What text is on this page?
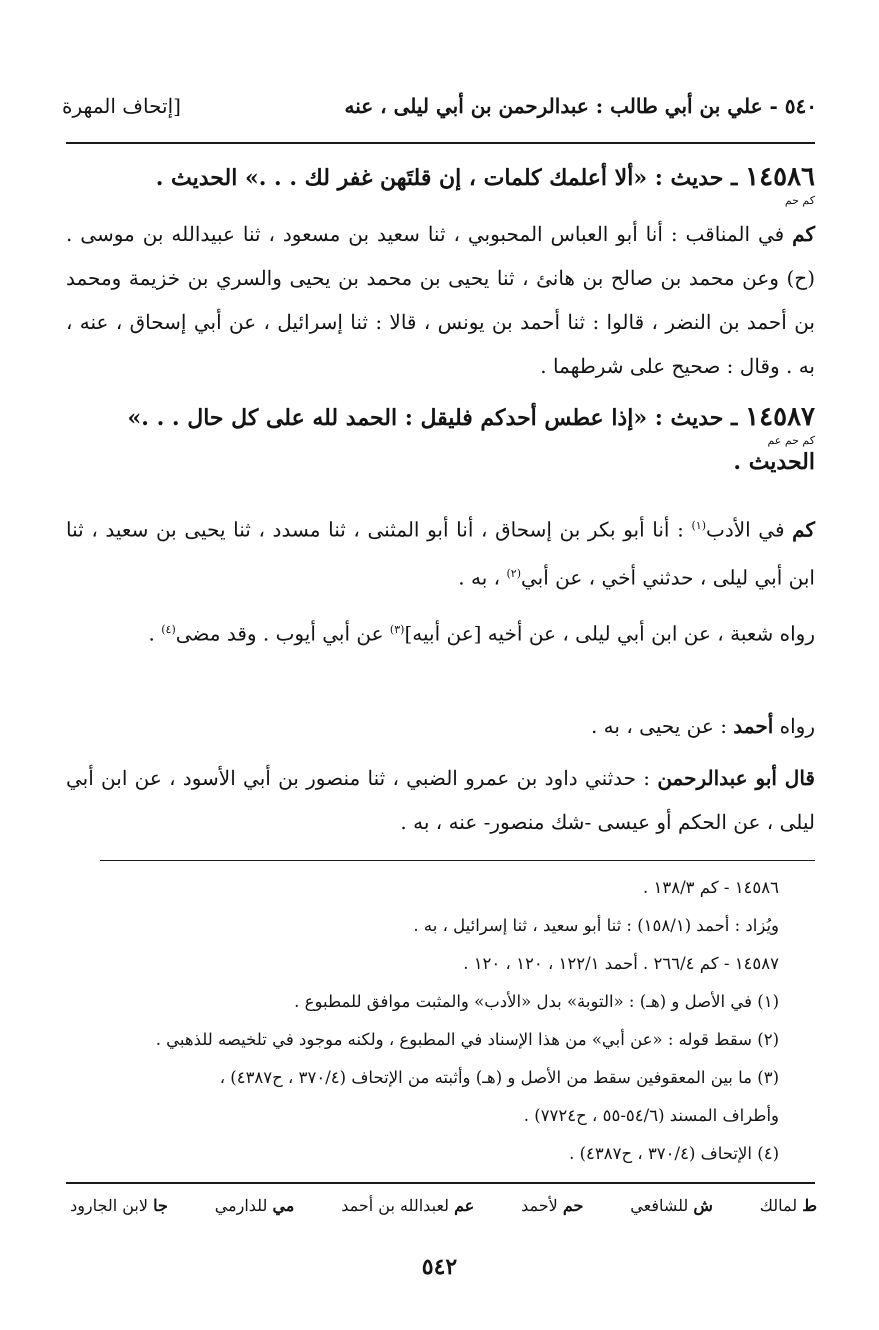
٥٤٠ - علي بن أبي طالب : عبدالرحمن بن أبي ليلى ، عنه
[إتحاف المهرة
١٤٥٨٦ ـ حديث : «ألا أعلمك كلمات ، إن قلتَهن غفر لك . . .» الحديث .
كم حم
كم في المناقب : أنا أبو العباس المحبوبي ، ثنا سعيد بن مسعود ، ثنا عبيدالله بن موسى . (ح) وعن محمد بن صالح بن هانئ ، ثنا يحيى بن محمد بن يحيى والسري بن خزيمة ومحمد بن أحمد بن النضر ، قالوا : ثنا أحمد بن يونس ، قالا : ثنا إسرائيل ، عن أبي إسحاق ، عنه ، به . وقال : صحيح على شرطهما .
١٤٥٨٧ ـ حديث : «إذا عطس أحدكم فليقل : الحمد لله على كل حال . . .»
كم حم عم
الحديث .
كم في الأدب$^{(١)}$ : أنا أبو بكر بن إسحاق ، أنا أبو المثنى ، ثنا مسدد ، ثنا يحيى بن سعيد ، ثنا ابن أبي ليلى ، حدثني أخي ، عن أبي$^{(٢)}$ ، به .
رواه شعبة ، عن ابن أبي ليلى ، عن أخيه [عن أبيه]$^{(٣)}$ عن أبي أيوب . وقد مضى$^{(٤)}$ .
رواه أحمد : عن يحيى ، به .
قال أبو عبدالرحمن : حدثني داود بن عمرو الضبي ، ثنا منصور بن أبي الأسود ، عن ابن أبي ليلى ، عن الحكم أو عيسى -شك منصور- عنه ، به .
١٤٥٨٦ - كم ١٣٨/٣ .
ويُزاد : أحمد (١٥٨/١) : ثنا أبو سعيد ، ثنا إسرائيل ، به .
١٤٥٨٧ - كم ٢٦٦/٤ . أحمد ١٢٢/١ ، ١٢٠ ، ١٢٠ .
(١) في الأصل و (هـ) : «التوبة» بدل «الأدب» والمثبت موافق للمطبوع .
(٢) سقط قوله : «عن أبي» من هذا الإسناد في المطبوع ، ولكنه موجود في تلخيصه للذهبي .
(٣) ما بين المعقوفين سقط من الأصل و (هـ) وأثبته من الإتحاف (٣٧٠/٤ ، ح٤٣٨٧) ،
وأطراف المسند (٥٤/٦-٥٥ ، ح٧٧٢٤) .
(٤) الإتحاف (٣٧٠/٤ ، ح٤٣٨٧) .
ط لمالك
ش للشافعي
حم لأحمد
عم لعبدالله بن أحمد
مي للدارمي
جا لابن الجارود
٥٤٢
